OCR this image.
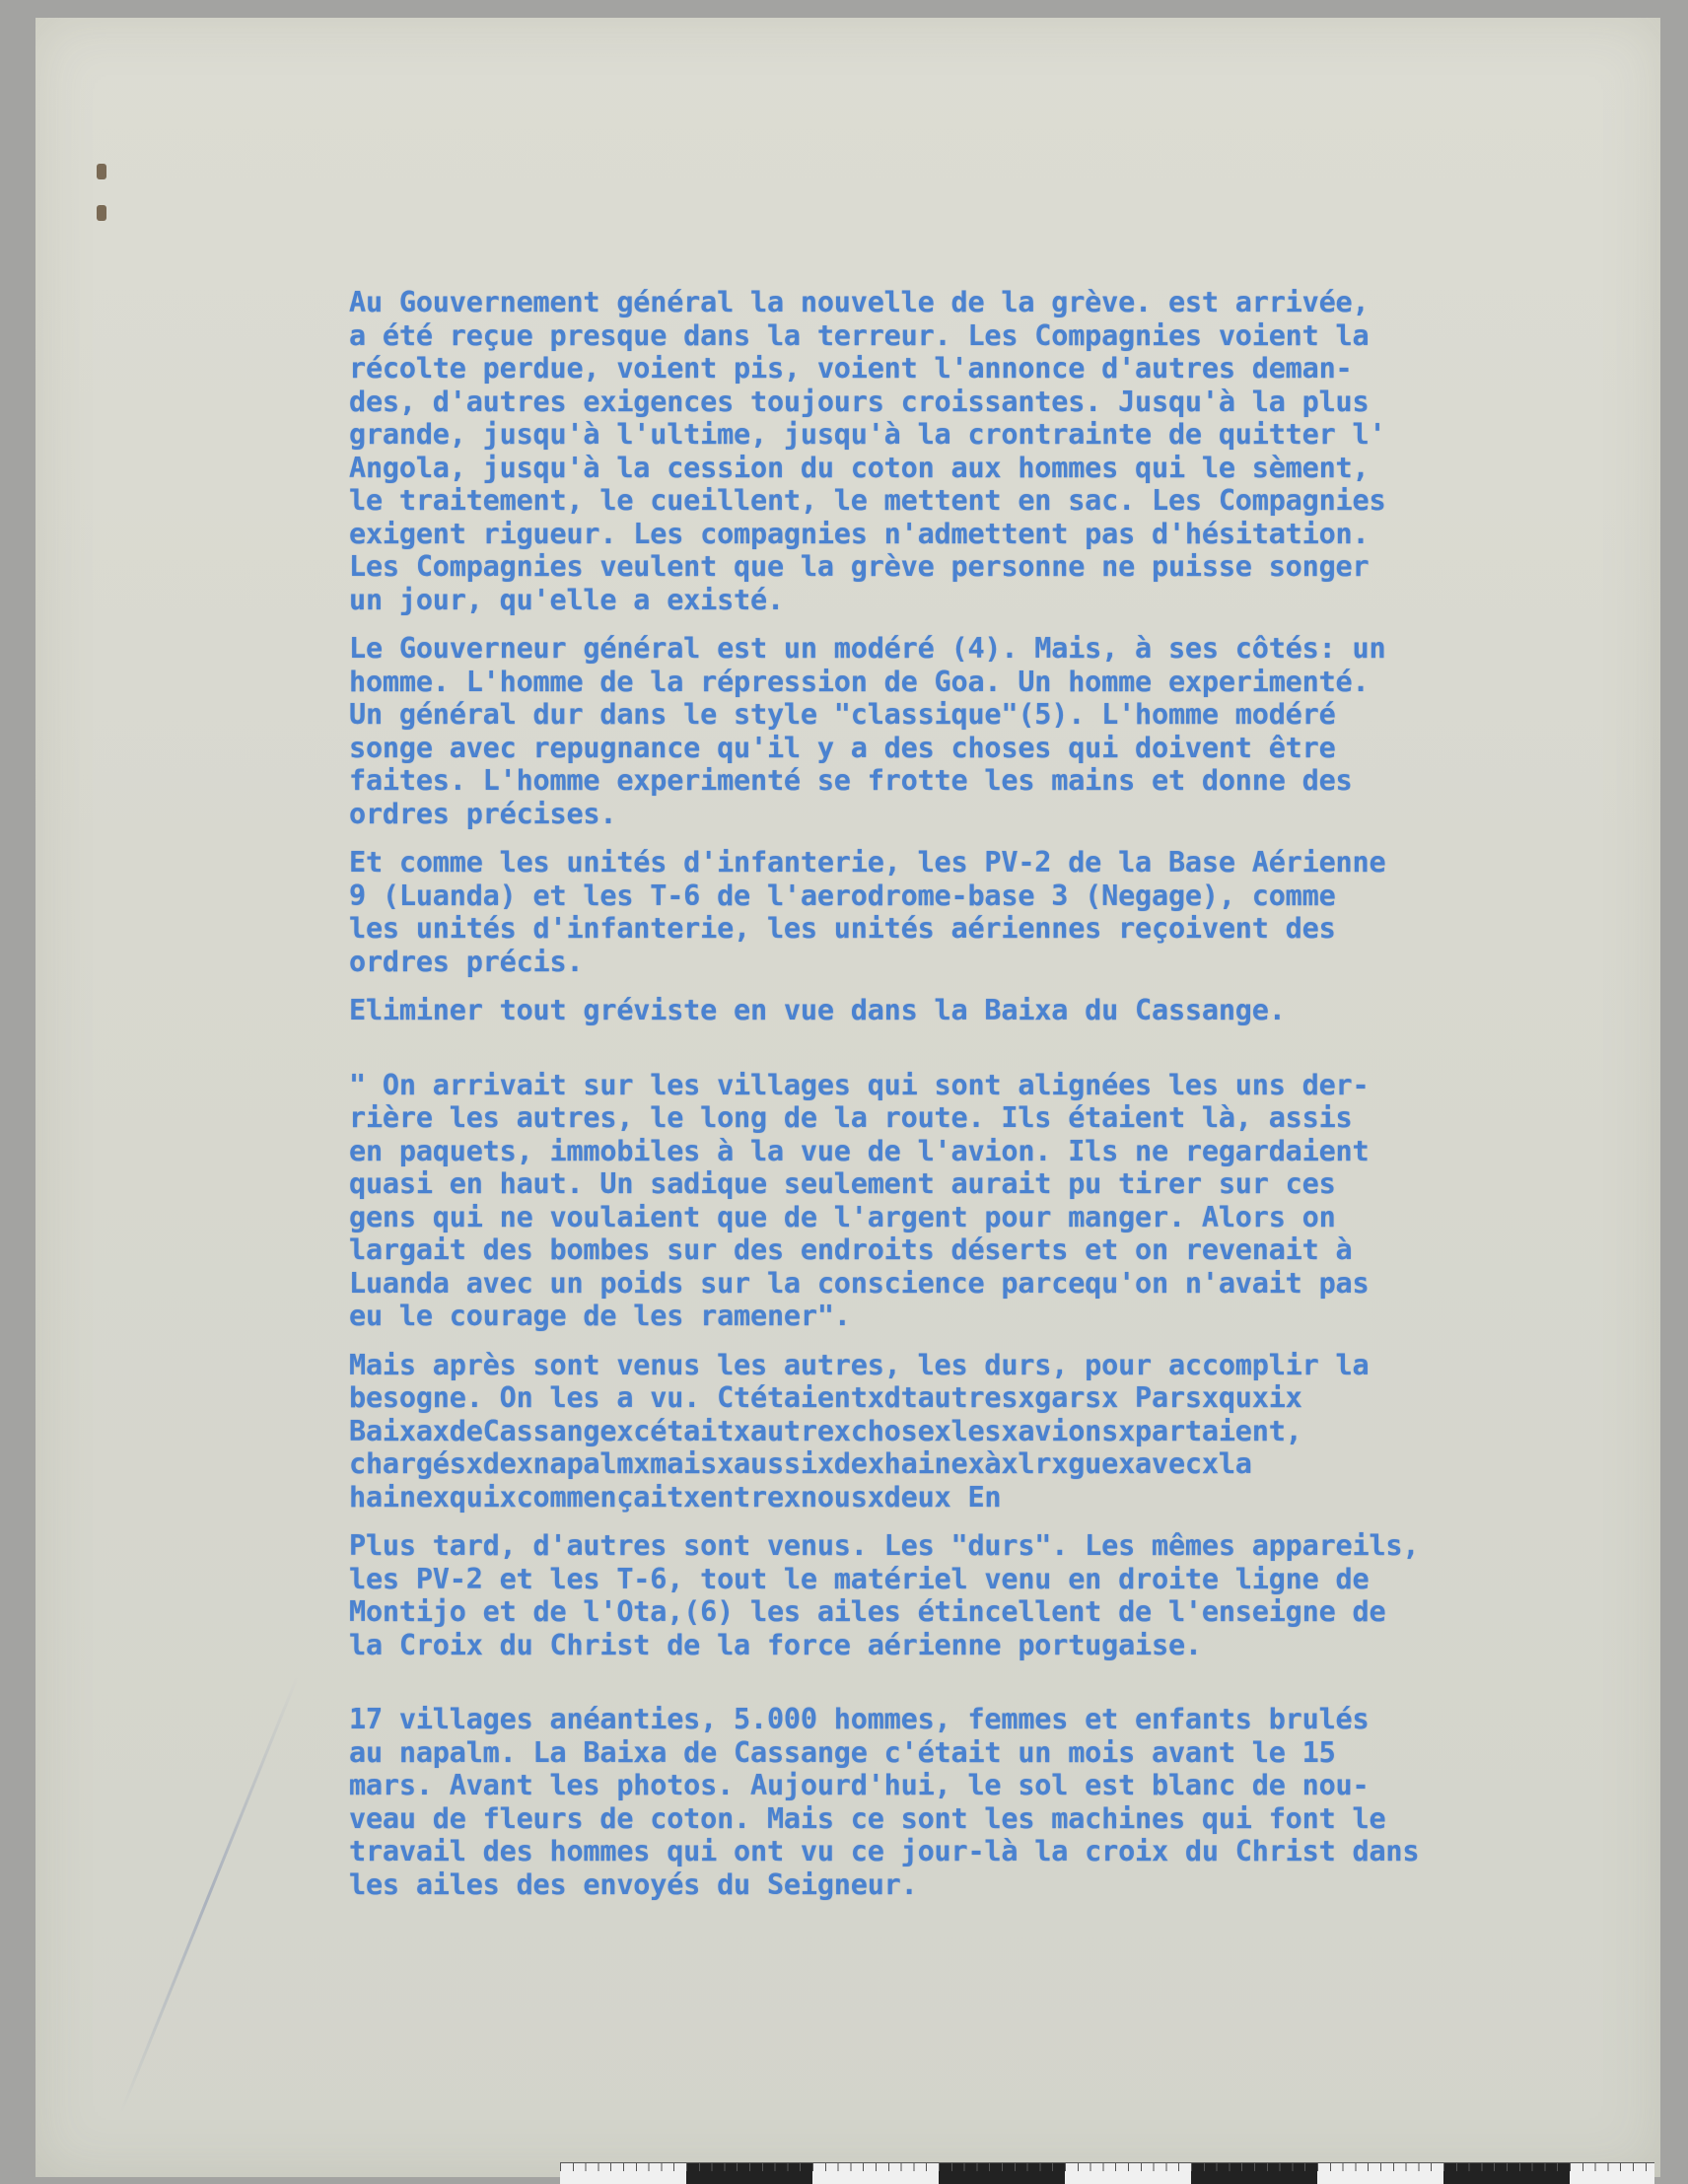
Au Gouvernement général la nouvelle de la grève. est arrivée,
a été reçue presque dans la terreur. Les Compagnies voient la
récolte perdue, voient pis, voient l'annonce d'autres deman-
des, d'autres exigences toujours croissantes. Jusqu'à la plus
grande, jusqu'à l'ultime, jusqu'à la crontrainte de quitter l'
Angola, jusqu'à la cession du coton aux hommes qui le sèment,
le traitement, le cueillent, le mettent en sac. Les Compagnies
exigent rigueur. Les compagnies n'admettent pas d'hésitation.
Les Compagnies veulent que la grève personne ne puisse songer
un jour, qu'elle a existé.
Le Gouverneur général est un modéré (4). Mais, à ses côtés: un
homme. L'homme de la répression de Goa. Un homme experimenté.
Un général dur dans le style "classique"(5). L'homme modéré
songe avec repugnance qu'il y a des choses qui doivent être
faites. L'homme experimenté se frotte les mains et donne des
ordres précises.
Et comme les unités d'infanterie, les PV-2 de la Base Aérienne
9 (Luanda) et les T-6 de l'aerodrome-base 3 (Negage), comme
les unités d'infanterie, les unités aériennes reçoivent des
ordres précis.
Eliminer tout gréviste en vue dans la Baixa du Cassange.
" On arrivait sur les villages qui sont alignées les uns der-
rière les autres, le long de la route. Ils étaient là, assis
en paquets, immobiles à la vue de l'avion. Ils ne regardaient
quasi en haut. Un sadique seulement aurait pu tirer sur ces
gens qui ne voulaient que de l'argent pour manger. Alors on
largait des bombes sur des endroits déserts et on revenait à
Luanda avec un poids sur la conscience parcequ'on n'avait pas
eu le courage de les ramener".
Mais après sont venus les autres, les durs, pour accomplir la
besogne. On les a vu. Ctétaientxdtautresxgarsx Parsxquxix
BaixaxdeCassangexcétaitxautrexchosexlesxavionsxpartaient,
chargésxdexnapalmxmaisxaussixdexhainexàxlrxguexavecxla
hainexquixcommençaitxentrexnousxdeux En
Plus tard, d'autres sont venus. Les "durs". Les mêmes appareils,
les PV-2 et les T-6, tout le matériel venu en droite ligne de
Montijo et de l'Ota,(6) les ailes étincellent de l'enseigne de
la Croix du Christ de la force aérienne portugaise.
17 villages anéanties, 5.000 hommes, femmes et enfants brulés
au napalm. La Baixa de Cassange c'était un mois avant le 15
mars. Avant les photos. Aujourd'hui, le sol est blanc de nou-
veau de fleurs de coton. Mais ce sont les machines qui font le
travail des hommes qui ont vu ce jour-là la croix du Christ dans
les ailes des envoyés du Seigneur.
